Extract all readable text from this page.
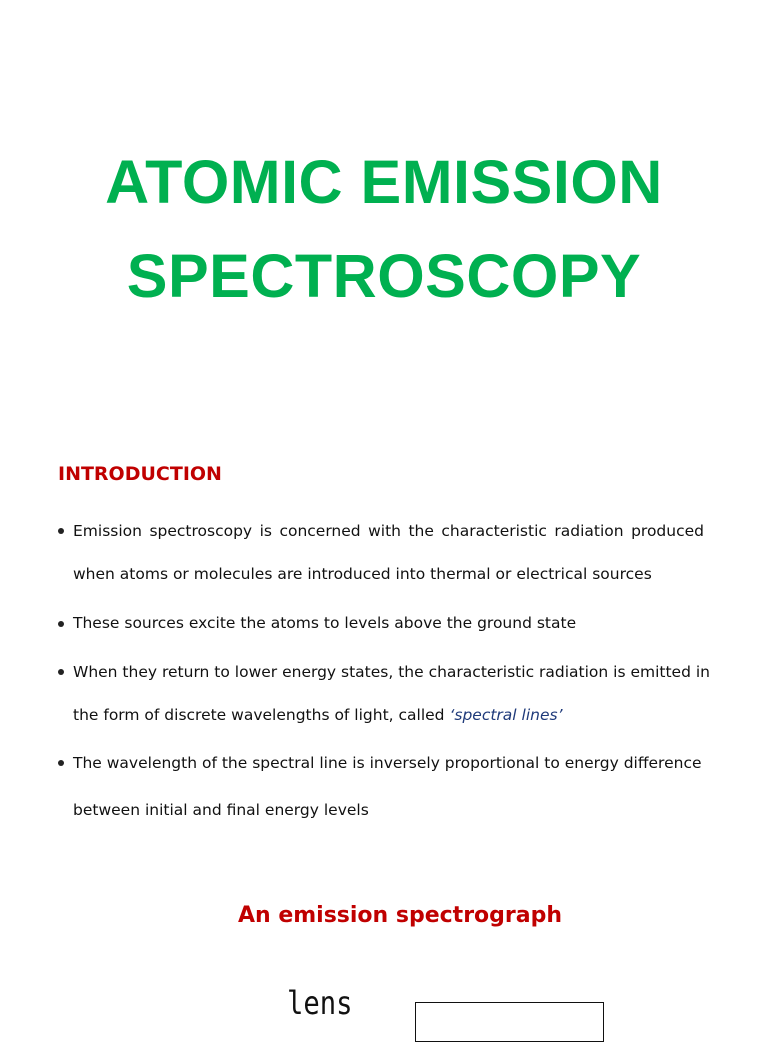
ATOMIC EMISSION
SPECTROSCOPY
INTRODUCTION
Emission spectroscopy is concerned with the characteristic radiation produced
when atoms or molecules are introduced into thermal or electrical sources
These sources excite the atoms to levels above the ground state
When they return to lower energy states, the characteristic radiation is emitted in
the form of discrete wavelengths of light, called ‘spectral lines’
The wavelength of the spectral line is inversely proportional to energy difference
between initial and final energy levels
An emission spectrograph
lens
